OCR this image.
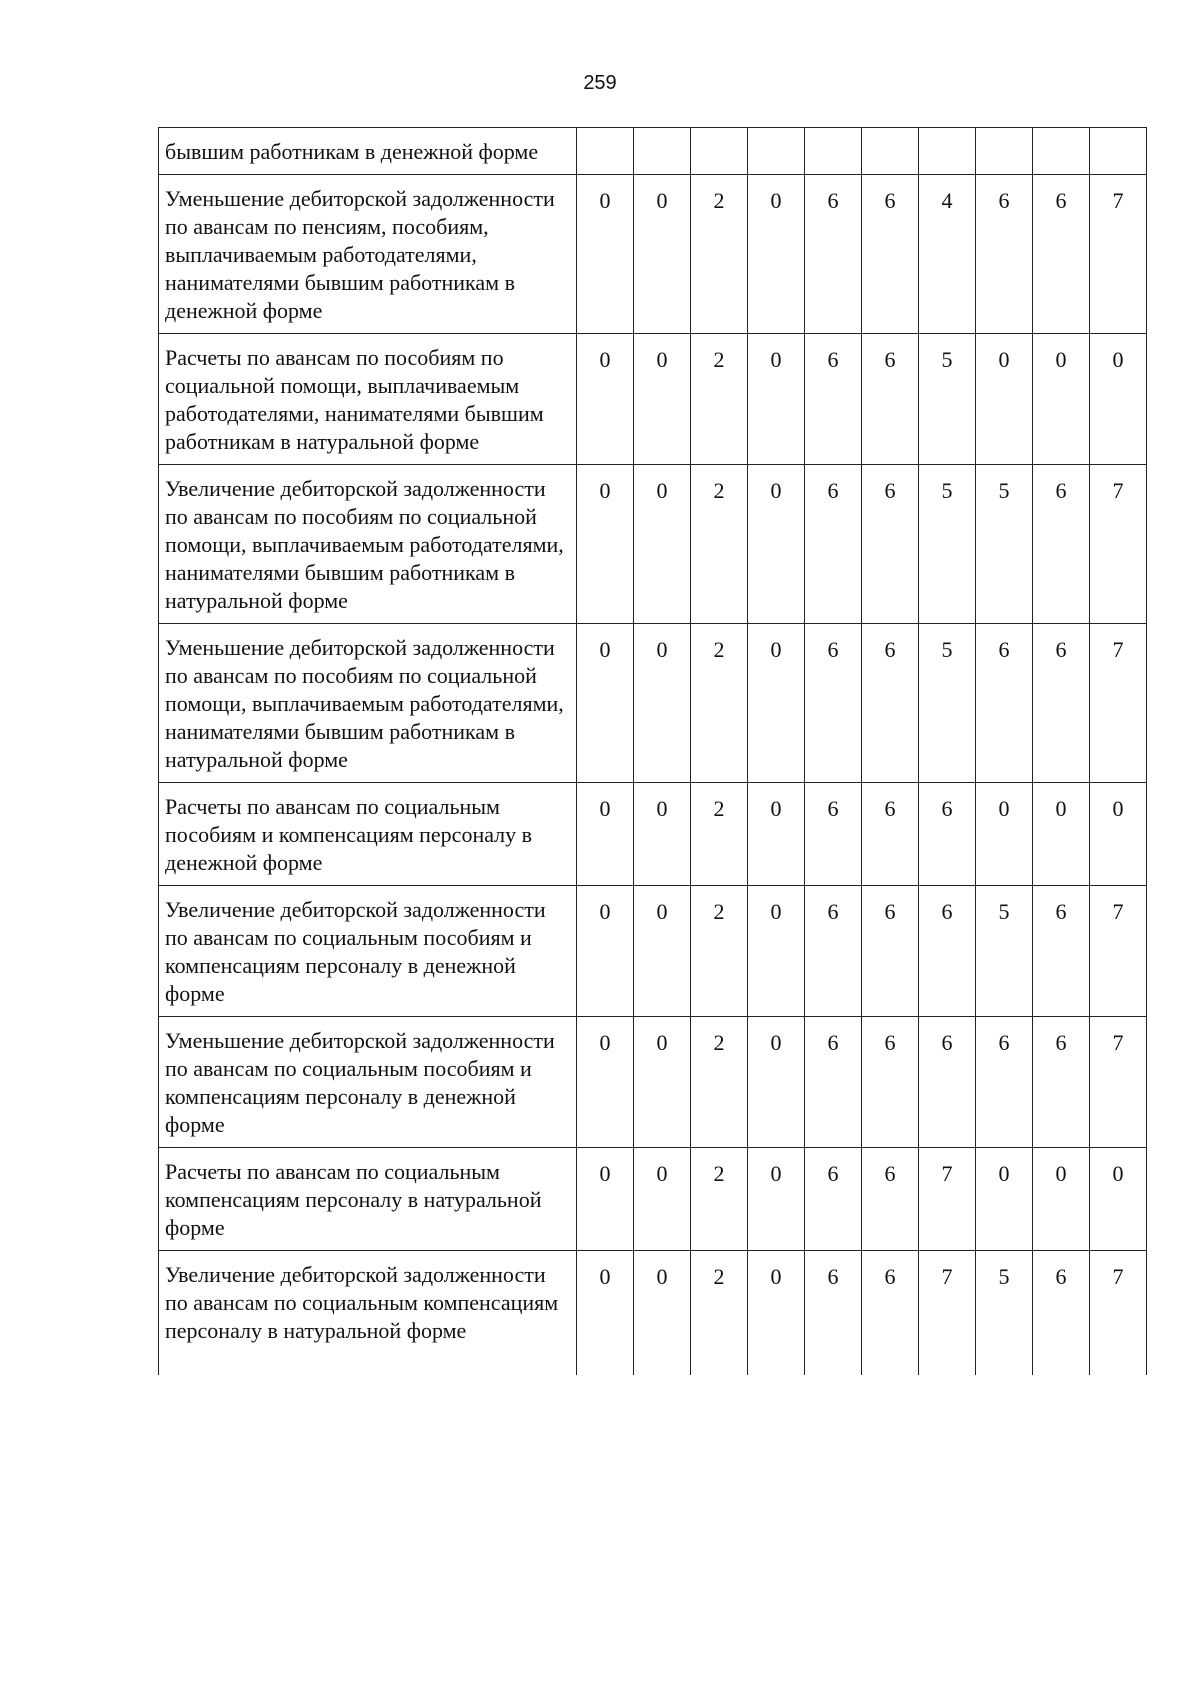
259
бывшим работникам в денежной форме										
Уменьшение дебиторской задолженности по авансам по пенсиям, пособиям, выплачиваемым работодателями, нанимателями бывшим работникам в денежной форме	0	0	2	0	6	6	4	6	6	7
Расчеты по авансам по пособиям по социальной помощи, выплачиваемым работодателями, нанимателями бывшим работникам в натуральной форме	0	0	2	0	6	6	5	0	0	0
Увеличение дебиторской задолженности по авансам по пособиям по социальной помощи, выплачиваемым работодателями, нанимателями бывшим работникам в натуральной форме	0	0	2	0	6	6	5	5	6	7
Уменьшение дебиторской задолженности по авансам по пособиям по социальной помощи, выплачиваемым работодателями, нанимателями бывшим работникам в натуральной форме	0	0	2	0	6	6	5	6	6	7
Расчеты по авансам по социальным пособиям и компенсациям персоналу в денежной форме	0	0	2	0	6	6	6	0	0	0
Увеличение дебиторской задолженности по авансам по социальным пособиям и компенсациям персоналу в денежной форме	0	0	2	0	6	6	6	5	6	7
Уменьшение дебиторской задолженности по авансам по социальным пособиям и компенсациям персоналу в денежной форме	0	0	2	0	6	6	6	6	6	7
Расчеты по авансам по социальным компенсациям персоналу в натуральной форме	0	0	2	0	6	6	7	0	0	0
Увеличение дебиторской задолженности по авансам по социальным компенсациям персоналу в натуральной форме	0	0	2	0	6	6	7	5	6	7
